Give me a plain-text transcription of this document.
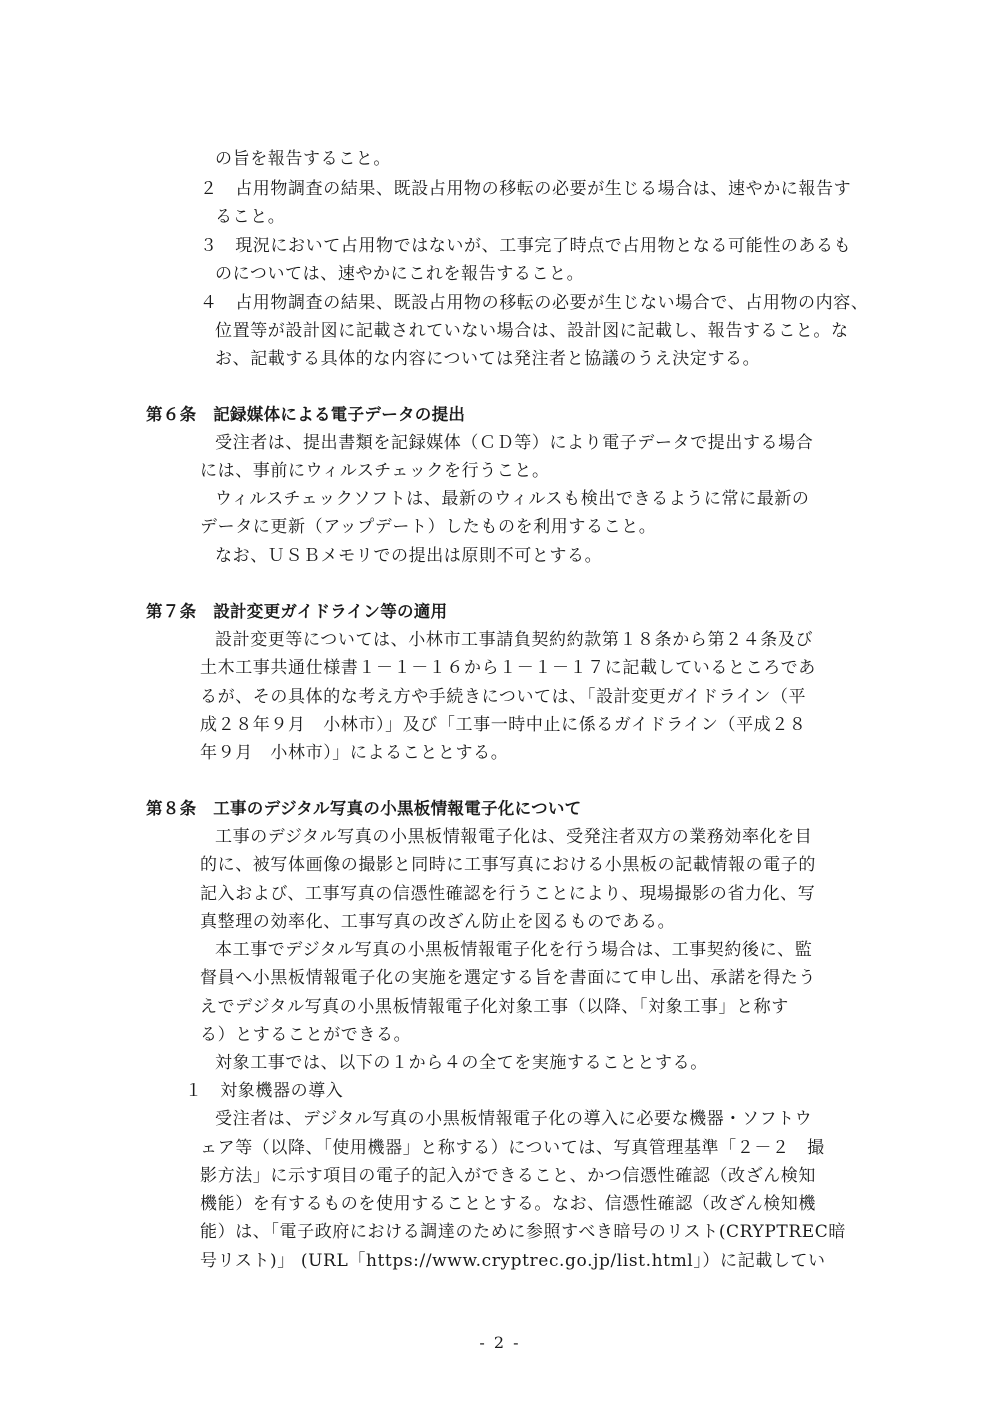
の旨を報告すること。
２　占用物調査の結果、既設占用物の移転の必要が生じる場合は、速やかに報告す
ること。
３　現況において占用物ではないが、工事完了時点で占用物となる可能性のあるも
のについては、速やかにこれを報告すること。
４　占用物調査の結果、既設占用物の移転の必要が生じない場合で、占用物の内容、
位置等が設計図に記載されていない場合は、設計図に記載し、報告すること。な
お、記載する具体的な内容については発注者と協議のうえ決定する。
第６条　記録媒体による電子データの提出
受注者は、提出書類を記録媒体（ＣＤ等）により電子データで提出する場合
には、事前にウィルスチェックを行うこと。
ウィルスチェックソフトは、最新のウィルスも検出できるように常に最新の
データに更新（アップデート）したものを利用すること。
なお、ＵＳＢメモリでの提出は原則不可とする。
第７条　設計変更ガイドライン等の適用
設計変更等については、小林市工事請負契約約款第１８条から第２４条及び
土木工事共通仕様書１－１－１６から１－１－１７に記載しているところであ
るが、その具体的な考え方や手続きについては、「設計変更ガイドライン（平
成２８年９月　小林市）」及び「工事一時中止に係るガイドライン（平成２８
年９月　小林市）」によることとする。
第８条　工事のデジタル写真の小黒板情報電子化について
工事のデジタル写真の小黒板情報電子化は、受発注者双方の業務効率化を目
的に、被写体画像の撮影と同時に工事写真における小黒板の記載情報の電子的
記入および、工事写真の信憑性確認を行うことにより、現場撮影の省力化、写
真整理の効率化、工事写真の改ざん防止を図るものである。
本工事でデジタル写真の小黒板情報電子化を行う場合は、工事契約後に、監
督員へ小黒板情報電子化の実施を選定する旨を書面にて申し出、承諾を得たう
えでデジタル写真の小黒板情報電子化対象工事（以降、「対象工事」と称す
る）とすることができる。
対象工事では、以下の１から４の全てを実施することとする。
１　対象機器の導入
受注者は、デジタル写真の小黒板情報電子化の導入に必要な機器・ソフトウ
ェア等（以降、「使用機器」と称する）については、写真管理基準「２－２　撮
影方法」に示す項目の電子的記入ができること、かつ信憑性確認（改ざん検知
機能）を有するものを使用することとする。なお、信憑性確認（改ざん検知機
能）は、「電子政府における調達のために参照すべき暗号のリスト(CRYPTREC暗
号リスト)」 (URL「https://www.cryptrec.go.jp/list.html」）に記載してい
- 2 -
